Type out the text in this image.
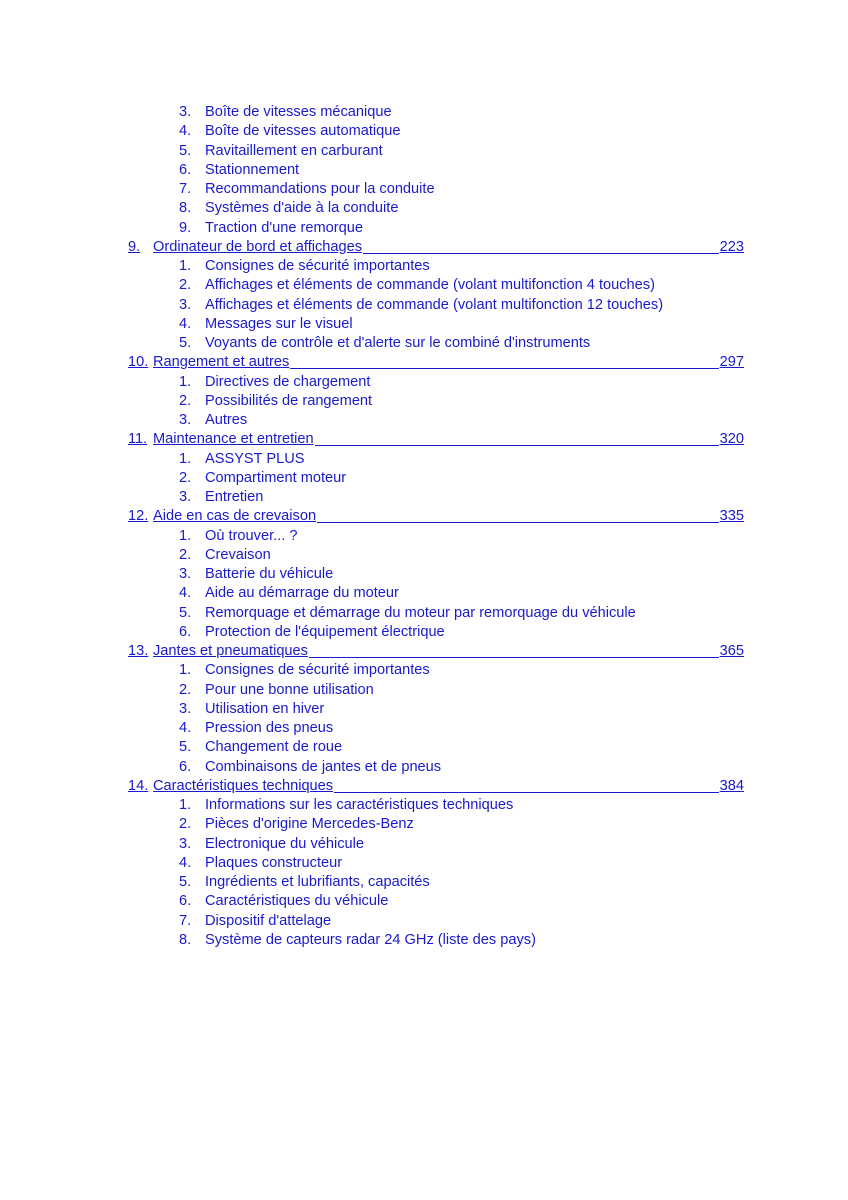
3. Boîte de vitesses mécanique
4. Boîte de vitesses automatique
5. Ravitaillement en carburant
6. Stationnement
7. Recommandations pour la conduite
8. Systèmes d'aide à la conduite
9. Traction d'une remorque
9. Ordinateur de bord et affichages	223
1. Consignes de sécurité importantes
2. Affichages et éléments de commande (volant multifonction 4 touches)
3. Affichages et éléments de commande (volant multifonction 12 touches)
4. Messages sur le visuel
5. Voyants de contrôle et d'alerte sur le combiné d'instruments
10. Rangement et autres	297
1. Directives de chargement
2. Possibilités de rangement
3. Autres
11. Maintenance et entretien	320
1. ASSYST PLUS
2. Compartiment moteur
3. Entretien
12. Aide en cas de crevaison	335
1. Où trouver... ?
2. Crevaison
3. Batterie du véhicule
4. Aide au démarrage du moteur
5. Remorquage et démarrage du moteur par remorquage du véhicule
6. Protection de l'équipement électrique
13. Jantes et pneumatiques	365
1. Consignes de sécurité importantes
2. Pour une bonne utilisation
3. Utilisation en hiver
4. Pression des pneus
5. Changement de roue
6. Combinaisons de jantes et de pneus
14. Caractéristiques techniques	384
1. Informations sur les caractéristiques techniques
2. Pièces d'origine Mercedes-Benz
3. Electronique du véhicule
4. Plaques constructeur
5. Ingrédients et lubrifiants, capacités
6. Caractéristiques du véhicule
7. Dispositif d'attelage
8. Système de capteurs radar 24 GHz (liste des pays)
